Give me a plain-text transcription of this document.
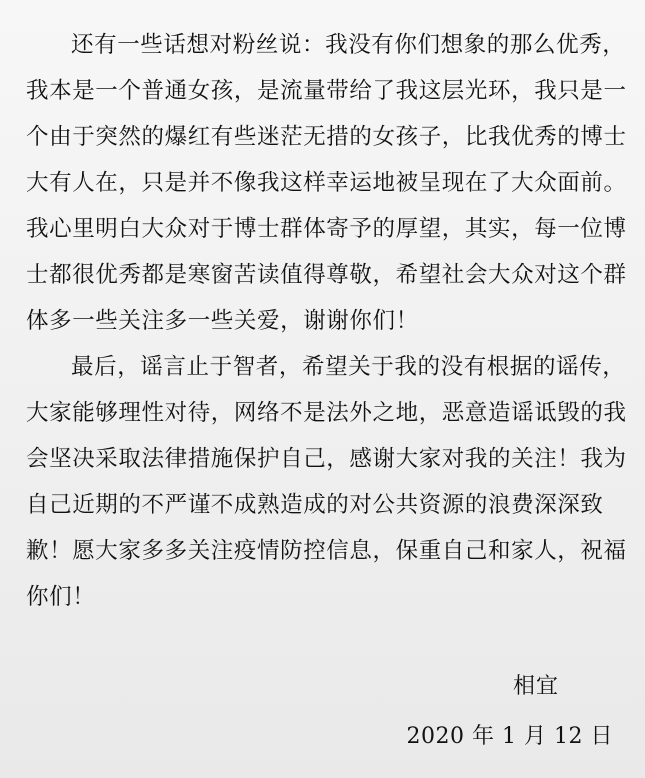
还有一些话想对粉丝说：我没有你们想象的那么优秀，
我本是一个普通女孩，是流量带给了我这层光环，我只是一
个由于突然的爆红有些迷茫无措的女孩子，比我优秀的博士
大有人在，只是并不像我这样幸运地被呈现在了大众面前。
我心里明白大众对于博士群体寄予的厚望，其实，每一位博
士都很优秀都是寒窗苦读值得尊敬，希望社会大众对这个群
体多一些关注多一些关爱，谢谢你们！
最后，谣言止于智者，希望关于我的没有根据的谣传，
大家能够理性对待，网络不是法外之地，恶意造谣诋毁的我
会坚决采取法律措施保护自己，感谢大家对我的关注！我为
自己近期的不严谨不成熟造成的对公共资源的浪费深深致
歉！愿大家多多关注疫情防控信息，保重自己和家人，祝福
你们！
相宜
2020 年 1 月 12 日
